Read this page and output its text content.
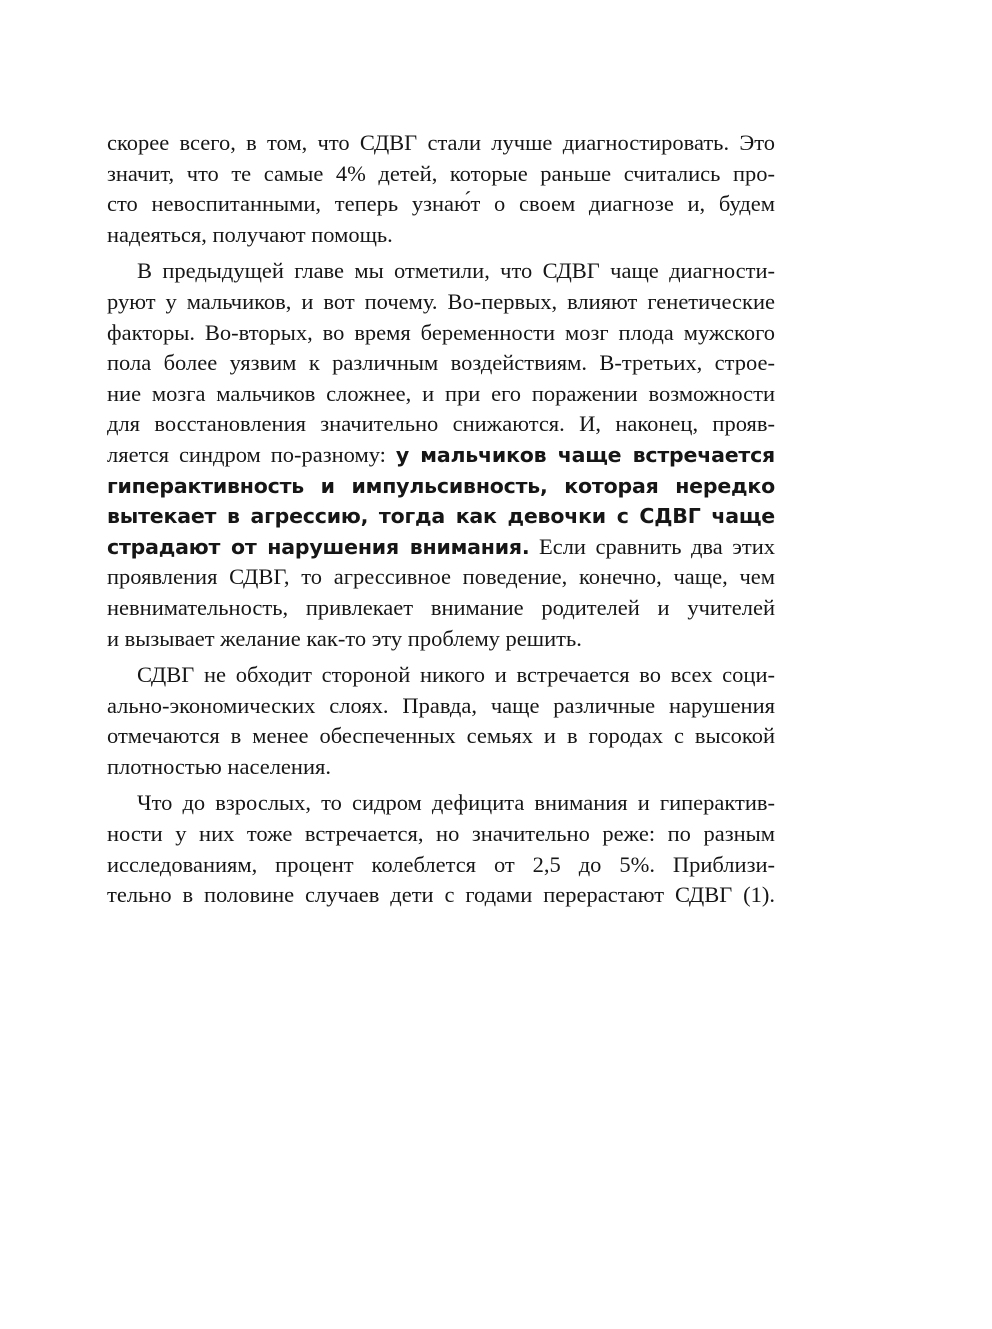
скорее всего, в том, что СДВГ стали лучше диагностировать. Это
значит, что те самые 4% детей, которые раньше считались про-
сто невоспитанными, теперь узнаю́т о своем диагнозе и, будем
надеяться, получают помощь.
В предыдущей главе мы отметили, что СДВГ чаще диагности-
руют у мальчиков, и вот почему. Во-первых, влияют генетические
факторы. Во-вторых, во время беременности мозг плода мужского
пола более уязвим к различным воздействиям. В-третьих, строе-
ние мозга мальчиков сложнее, и при его поражении возможности
для восстановления значительно снижаются. И, наконец, прояв-
ляется синдром по-разному: у мальчиков чаще встречается
гиперактивность и импульсивность, которая нередко
вытекает в агрессию, тогда как девочки с СДВГ чаще
страдают от нарушения внимания. Если сравнить два этих
проявления СДВГ, то агрессивное поведение, конечно, чаще, чем
невнимательность, привлекает внимание родителей и учителей
и вызывает желание как-то эту проблему решить.
СДВГ не обходит стороной никого и встречается во всех соци-
ально-экономических слоях. Правда, чаще различные нарушения
отмечаются в менее обеспеченных семьях и в городах с высокой
плотностью населения.
Что до взрослых, то сидром дефицита внимания и гиперактив-
ности у них тоже встречается, но значительно реже: по разным
исследованиям, процент колеблется от 2,5 до 5%. Приблизи-
тельно в половине случаев дети с годами перерастают СДВГ (1).
